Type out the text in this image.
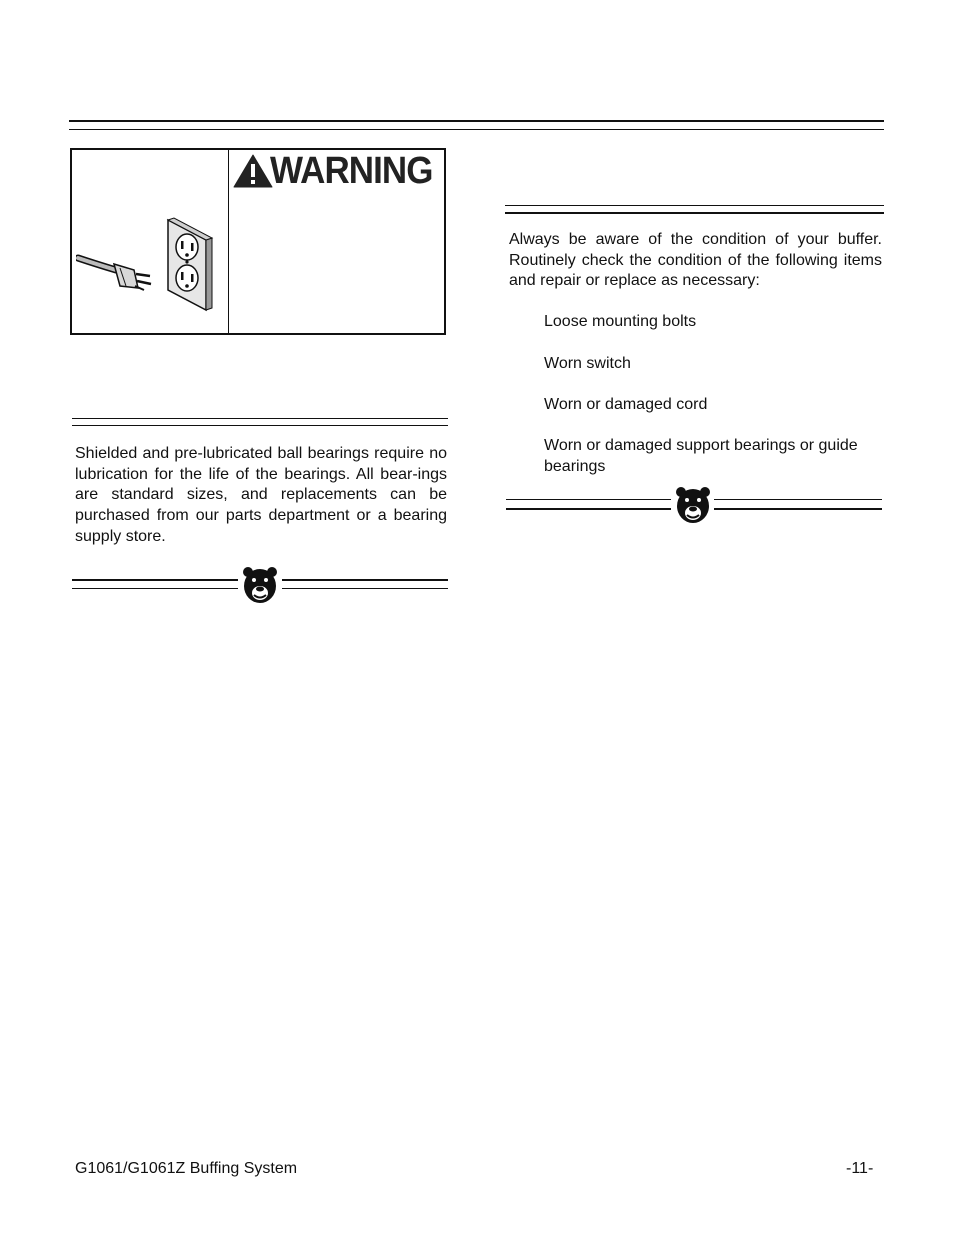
WARNING

Shielded and pre-lubricated ball bearings require no lubrication for the life of the bearings. All bear-ings are standard sizes, and replacements can be purchased from our parts department or a bearing supply store.

Always be aware of the condition of your buffer. Routinely check the condition of the following items and repair or replace as necessary:

Loose mounting bolts
Worn switch
Worn or damaged cord
Worn or damaged support bearings or guide bearings
G1061/G1061Z Buffing System	-11-
